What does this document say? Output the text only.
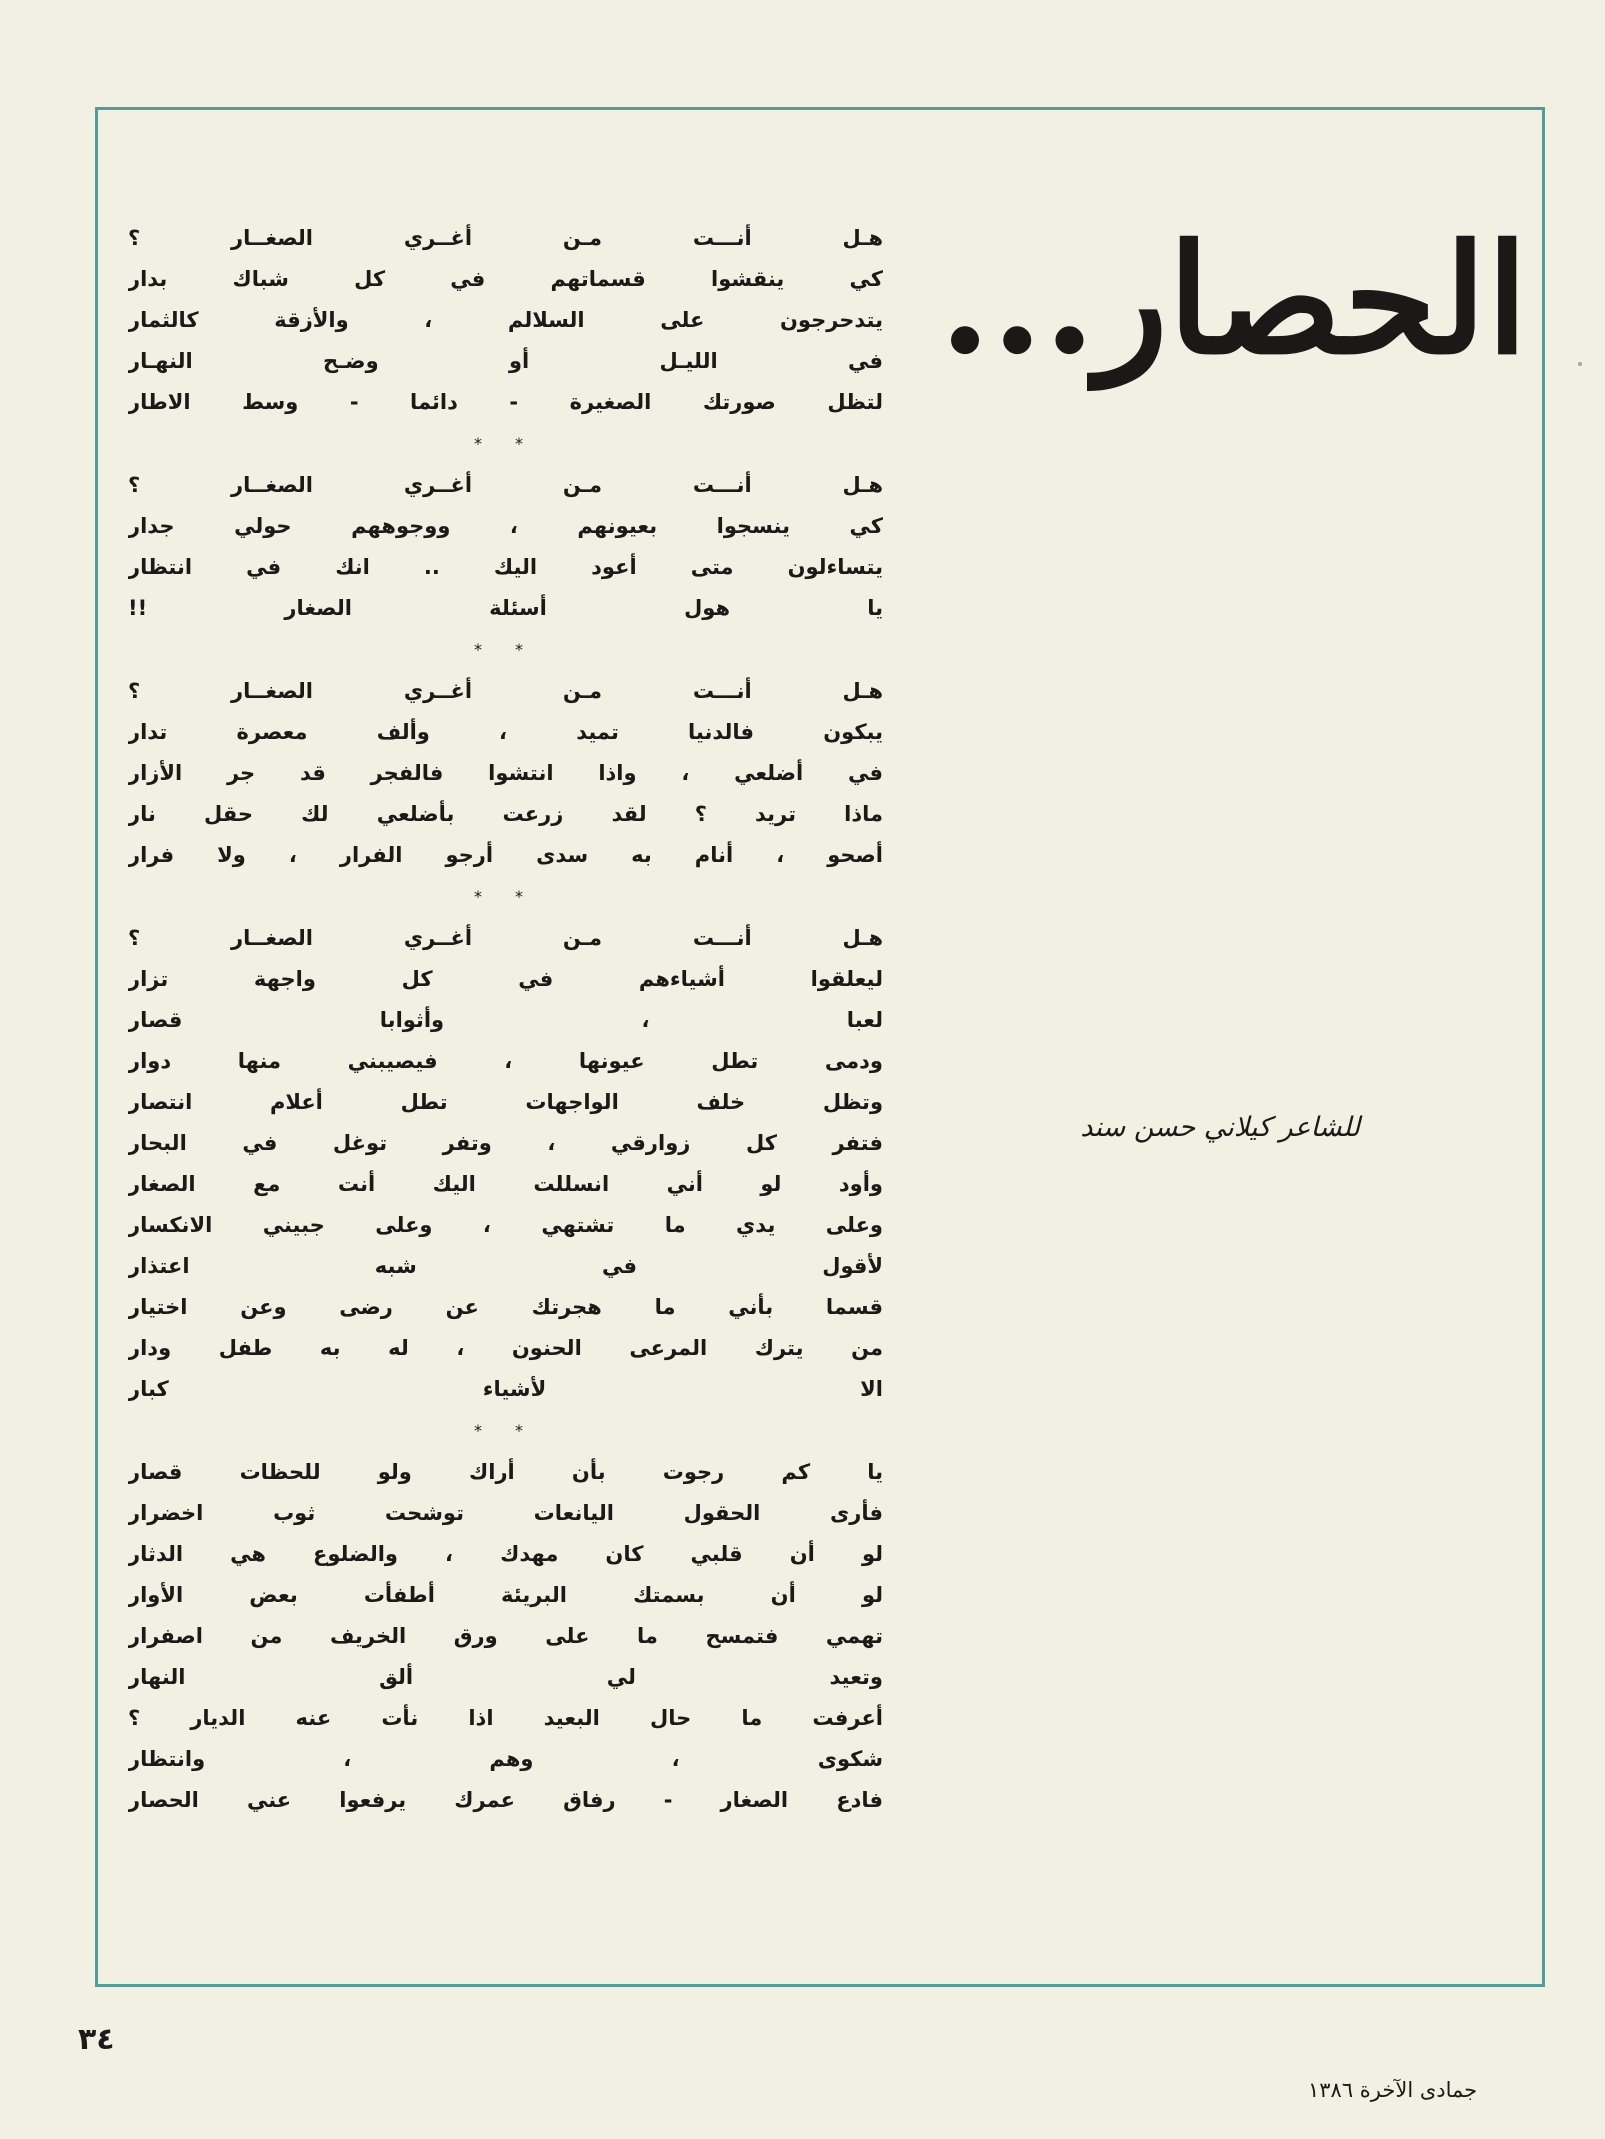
الحصار...
للشاعر كيلاني حسن سند
هـل أنـــت مـن أغــري الصغــار ؟
كي ينقشوا قسماتهم في كل شباك بدار
يتدحرجون على السلالم ، والأزقة كالثمار
في الليـل أو وضـح النهـار
لتظل صورتك الصغيرة - دائما - وسط الاطار
* *
هـل أنـــت مـن أغــري الصغــار ؟
كي ينسجوا بعيونهم ، ووجوههم حولي جدار
يتساءلون متى أعود اليك .. انك في انتظار
يا هول أسئلة الصغار !!
* *
هـل أنـــت مـن أغــري الصغــار ؟
يبكون فالدنيا تميد ، وألف معصرة تدار
في أضلعي ، واذا انتشوا فالفجر قد جر الأزار
ماذا تريد ؟ لقد زرعت بأضلعي لك حقل نار
أصحو ، أنام به سدى أرجو الفرار ، ولا فرار
* *
هـل أنـــت مـن أغــري الصغــار ؟
ليعلقوا أشياءهم في كل واجهة تزار
لعبا ، وأثوابا قصار
ودمى تطل عيونها ، فيصيبني منها دوار
وتظل خلف الواجهات تطل أعلام انتصار
فتفر كل زوارقي ، وتفر توغل في البحار
وأود لو أني انسللت اليك أنت مع الصغار
وعلى يدي ما تشتهي ، وعلى جبيني الانكسار
لأقول في شبه اعتذار
قسما بأني ما هجرتك عن رضى وعن اختيار
من يترك المرعى الحنون ، له به طفل ودار
الا لأشياء كبار
* *
يا كم رجوت بأن أراك ولو للحظات قصار
فأرى الحقول اليانعات توشحت ثوب اخضرار
لو أن قلبي كان مهدك ، والضلوع هي الدثار
لو أن بسمتك البريئة أطفأت بعض الأوار
تهمي فتمسح ما على ورق الخريف من اصفرار
وتعيد لي ألق النهار
أعرفت ما حال البعيد اذا نأت عنه الديار ؟
شكوى ، وهم ، وانتظار
فادع الصغار - رفاق عمرك يرفعوا عني الحصار
٣٤
جمادى الآخرة ١٣٨٦
